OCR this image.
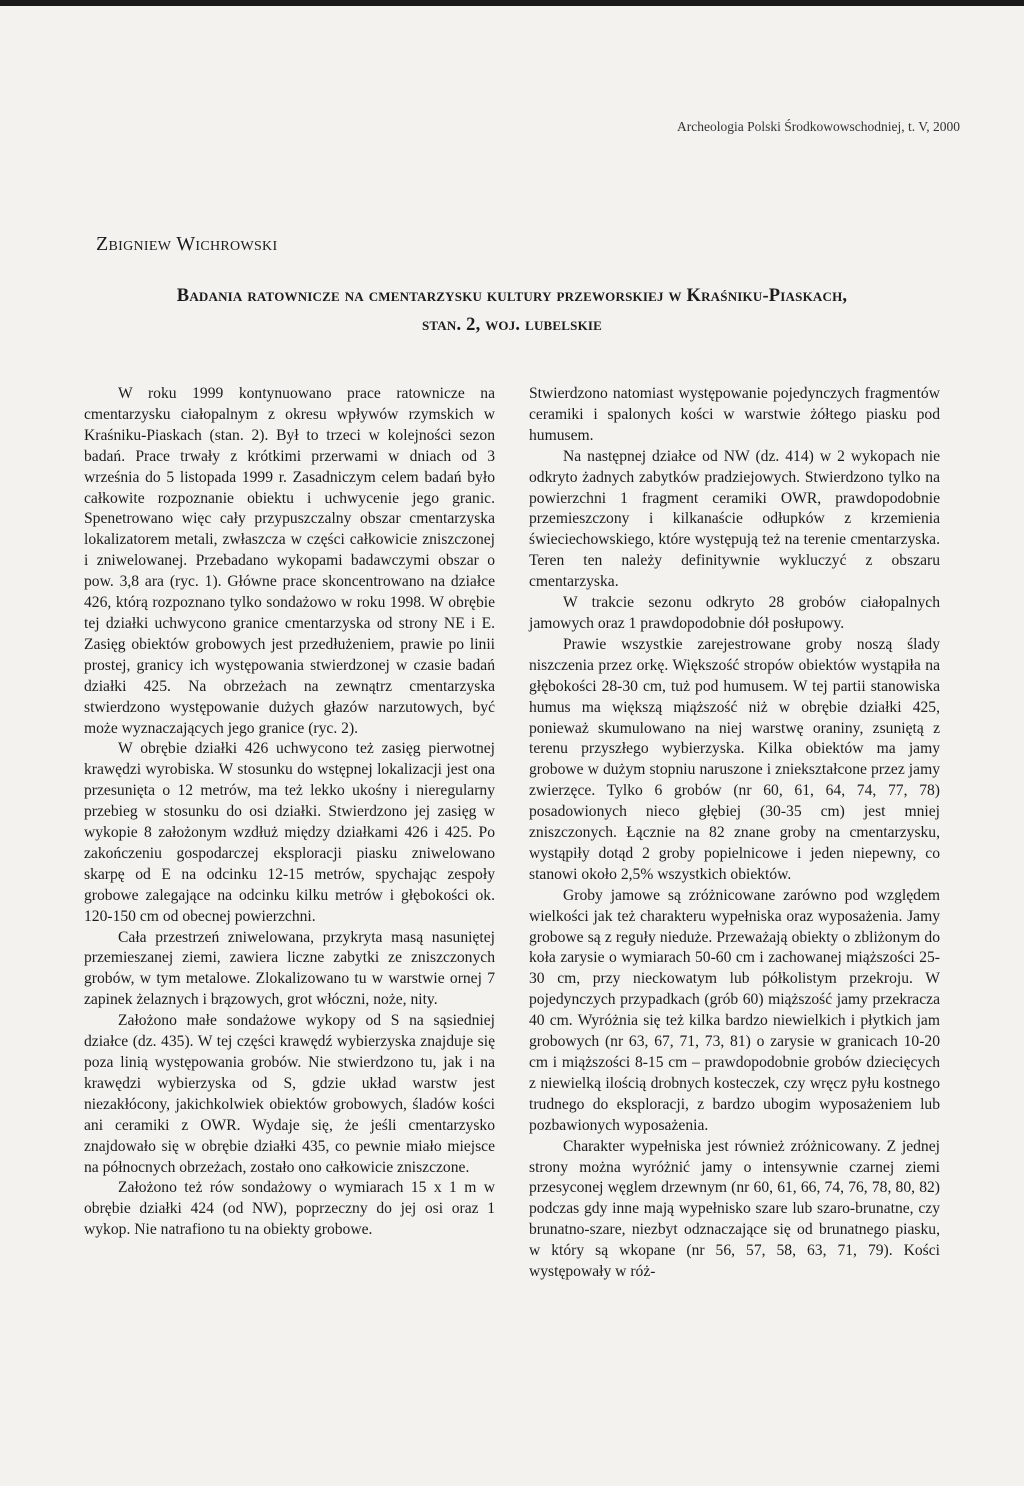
Archeologia Polski Środkowowschodniej, t. V, 2000
Zbigniew Wichrowski
Badania ratownicze na cmentarzysku kultury przeworskiej w Kraśniku-Piaskach,
stan. 2, woj. lubelskie

W roku 1999 kontynuowano prace ratownicze na cmentarzysku ciałopalnym z okresu wpływów rzymskich w Kraśniku-Piaskach (stan. 2). Był to trzeci w kolejności sezon badań. Prace trwały z krótkimi przerwami w dniach od 3 września do 5 listopada 1999 r. Zasadniczym celem badań było całkowite rozpoznanie obiektu i uchwycenie jego granic. Spenetrowano więc cały przypuszczalny obszar cmentarzyska lokalizatorem metali, zwłaszcza w części całkowicie zniszczonej i zniwelowanej. Przebadano wykopami badawczymi obszar o pow. 3,8 ara (ryc. 1). Główne prace skoncentrowano na działce 426, którą rozpoznano tylko sondażowo w roku 1998. W obrębie tej działki uchwycono granice cmentarzyska od strony NE i E. Zasięg obiektów grobowych jest przedłużeniem, prawie po linii prostej, granicy ich występowania stwierdzonej w czasie badań działki 425. Na obrzeżach na zewnątrz cmentarzyska stwierdzono występowanie dużych głazów narzutowych, być może wyznaczających jego granice (ryc. 2).

W obrębie działki 426 uchwycono też zasięg pierwotnej krawędzi wyrobiska. W stosunku do wstępnej lokalizacji jest ona przesunięta o 12 metrów, ma też lekko ukośny i nieregularny przebieg w stosunku do osi działki. Stwierdzono jej zasięg w wykopie 8 założonym wzdłuż międzу działkami 426 i 425. Po zakończeniu gospodarczej eksploracji piasku zniwelowano skarpę od E na odcinku 12-15 metrów, spychając zespoły grobowe zalegające na odcinku kilku metrów i głębokości ok. 120-150 cm od obecnej powierzchni.

Cała przestrzeń zniwelowana, przykryta masą nasuniętej przemieszanej ziemi, zawiera liczne zabytki ze zniszczonych grobów, w tym metalowe. Zlokalizowano tu w warstwie ornej 7 zapinek żelaznych i brązowych, grot włóczni, noże, nity.

Założono małe sondażowe wykopy od S na sąsiedniej działce (dz. 435). W tej części krawędź wybierzyska znajduje się poza linią występowania grobów. Nie stwierdzono tu, jak i na krawędzi wybierzyska od S, gdzie układ warstw jest niezakłócony, jakichkolwiek obiektów grobowych, śladów kości ani ceramiki z OWR. Wydaje się, że jeśli cmentarzysko znajdowało się w obrębie działki 435, co pewnie miało miejsce na północnych obrzeżach, zostało ono całkowicie zniszczone.

Założono też rów sondażowy o wymiarach 15 x 1 m w obrębie działki 424 (od NW), poprzeczny do jej osi oraz 1 wykop. Nie natrafiono tu na obiekty grobowe.

Stwierdzono natomiast występowanie pojedynczych fragmentów ceramiki i spalonych kości w warstwie żółtego piasku pod humusem.

Na następnej działce od NW (dz. 414) w 2 wykopach nie odkryto żadnych zabytków pradziejowych. Stwierdzono tylko na powierzchni 1 fragment ceramiki OWR, prawdopodobnie przemieszczony i kilkanaście odłupków z krzemienia świeciechowskiego, które występują też na terenie cmentarzyska. Teren ten należy definitywnie wykluczyć z obszaru cmentarzyska.

W trakcie sezonu odkryto 28 grobów ciałopalnych jamowych oraz 1 prawdopodobnie dół posłupowy.

Prawie wszystkie zarejestrowane groby noszą ślady niszczenia przez orkę. Większość stropów obiektów wystąpiła na głębokości 28-30 cm, tuż pod humusem. W tej partii stanowiska humus ma większą miąższość niż w obrębie działki 425, ponieważ skumulowano na niej warstwę oraniny, zsuniętą z terenu przyszłego wybierzyska. Kilka obiektów ma jamy grobowe w dużym stopniu naruszone i zniekształcone przez jamy zwierzęce. Tylko 6 grobów (nr 60, 61, 64, 74, 77, 78) posadowionych nieco głębiej (30-35 cm) jest mniej zniszczonych. Łącznie na 82 znane groby na cmentarzysku, wystąpiły dotąd 2 groby popielnicowe i jeden niepewny, co stanowi około 2,5% wszystkich obiektów.

Groby jamowe są zróżnicowane zarówno pod względem wielkości jak też charakteru wypełniska oraz wyposażenia. Jamy grobowe są z reguły nieduże. Przeważają obiekty o zbliżonym do koła zarysie o wymiarach 50-60 cm i zachowanej miąższości 25-30 cm, przy nieckowatym lub półkolistym przekroju. W pojedynczych przypadkach (grób 60) miąższość jamy przekracza 40 cm. Wyróżnia się też kilka bardzo niewielkich i płytkich jam grobowych (nr 63, 67, 71, 73, 81) o zarysie w granicach 10-20 cm i miąższości 8-15 cm – prawdopodobnie grobów dziecięcych z niewielką ilością drobnych kosteczek, czy wręcz pyłu kostnego trudnego do eksploracji, z bardzo ubogim wyposażeniem lub pozbawionych wyposażenia.

Charakter wypełniska jest również zróżnicowany. Z jednej strony można wyróżnić jamy o intensywnie czarnej ziemi przesyconej węglem drzewnym (nr 60, 61, 66, 74, 76, 78, 80, 82) podczas gdy inne mają wypełnisko szare lub szaro-brunatne, czy brunatno-szare, niezbyt odznaczające się od brunatnego piasku, w który są wkopane (nr 56, 57, 58, 63, 71, 79). Kości występowały w róż-
